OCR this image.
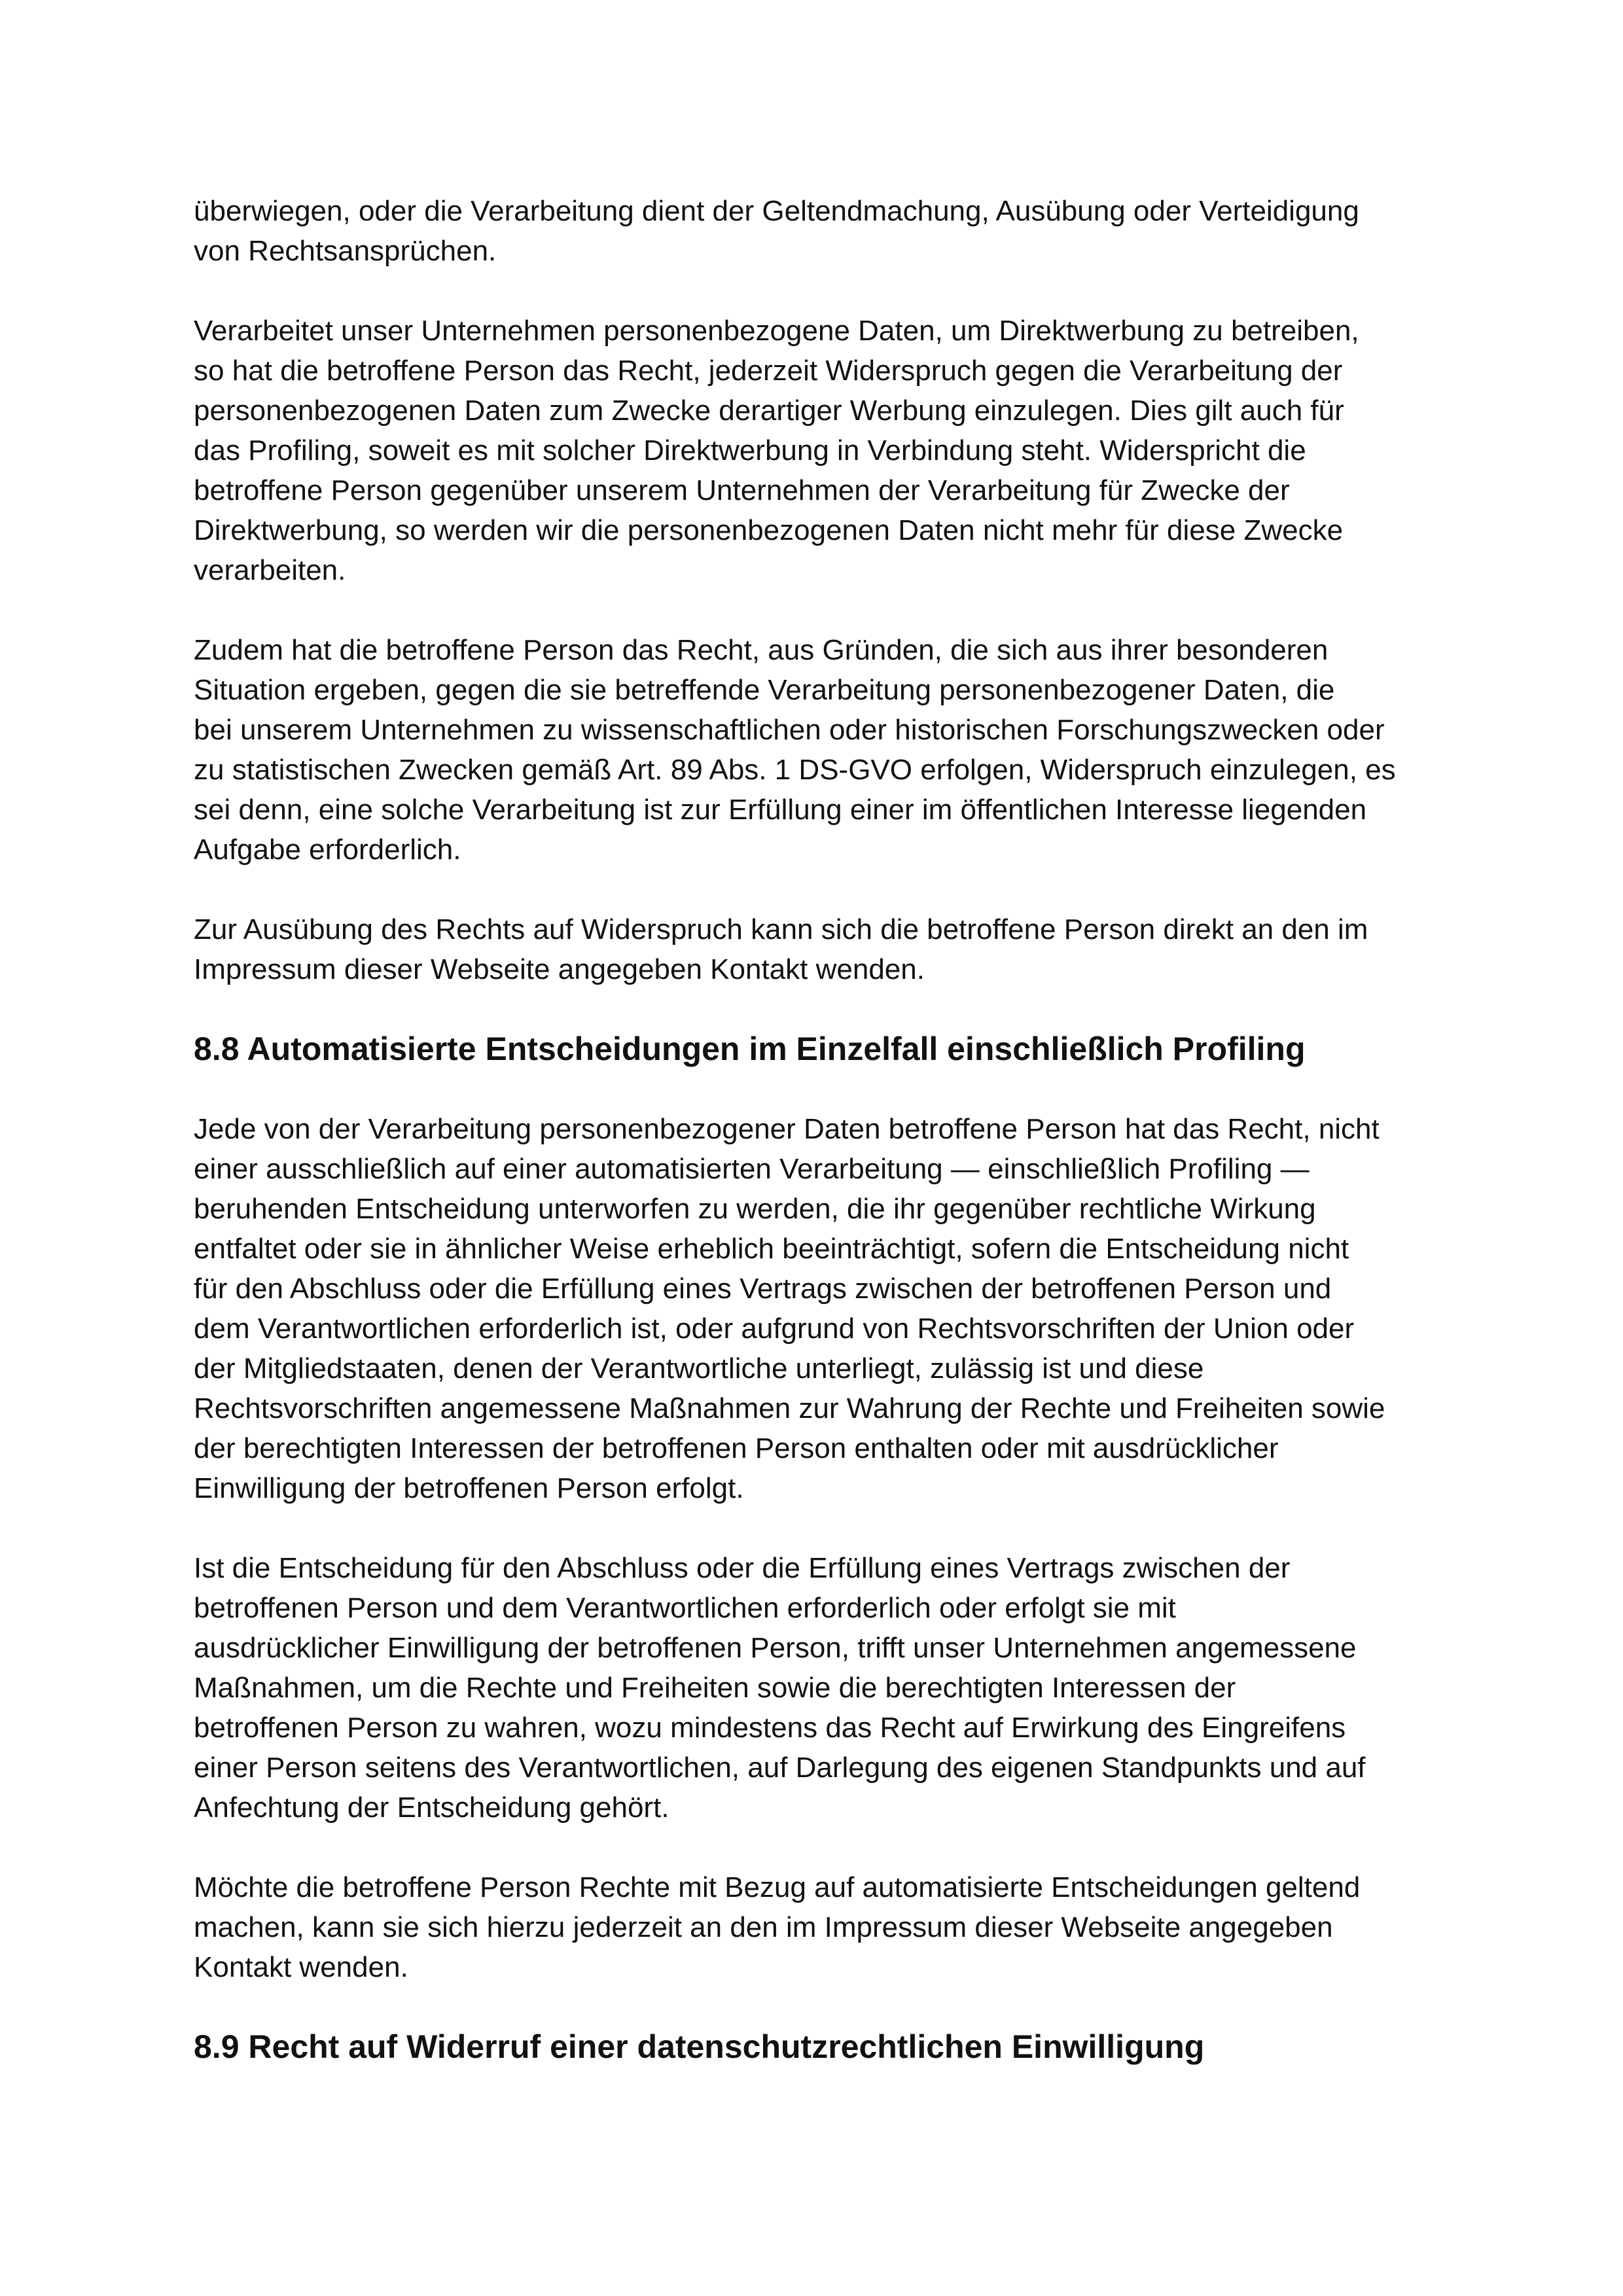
überwiegen, oder die Verarbeitung dient der Geltendmachung, Ausübung oder Verteidigung
von Rechtsansprüchen.

Verarbeitet unser Unternehmen personenbezogene Daten, um Direktwerbung zu betreiben,
so hat die betroffene Person das Recht, jederzeit Widerspruch gegen die Verarbeitung der
personenbezogenen Daten zum Zwecke derartiger Werbung einzulegen. Dies gilt auch für
das Profiling, soweit es mit solcher Direktwerbung in Verbindung steht. Widerspricht die
betroffene Person gegenüber unserem Unternehmen der Verarbeitung für Zwecke der
Direktwerbung, so werden wir die personenbezogenen Daten nicht mehr für diese Zwecke
verarbeiten.

Zudem hat die betroffene Person das Recht, aus Gründen, die sich aus ihrer besonderen
Situation ergeben, gegen die sie betreffende Verarbeitung personenbezogener Daten, die
bei unserem Unternehmen zu wissenschaftlichen oder historischen Forschungszwecken oder
zu statistischen Zwecken gemäß Art. 89 Abs. 1 DS-GVO erfolgen, Widerspruch einzulegen, es
sei denn, eine solche Verarbeitung ist zur Erfüllung einer im öffentlichen Interesse liegenden
Aufgabe erforderlich.

Zur Ausübung des Rechts auf Widerspruch kann sich die betroffene Person direkt an den im
Impressum dieser Webseite angegeben Kontakt wenden.

8.8 Automatisierte Entscheidungen im Einzelfall einschließlich Profiling

Jede von der Verarbeitung personenbezogener Daten betroffene Person hat das Recht, nicht
einer ausschließlich auf einer automatisierten Verarbeitung — einschließlich Profiling —
beruhenden Entscheidung unterworfen zu werden, die ihr gegenüber rechtliche Wirkung
entfaltet oder sie in ähnlicher Weise erheblich beeinträchtigt, sofern die Entscheidung nicht
für den Abschluss oder die Erfüllung eines Vertrags zwischen der betroffenen Person und
dem Verantwortlichen erforderlich ist, oder aufgrund von Rechtsvorschriften der Union oder
der Mitgliedstaaten, denen der Verantwortliche unterliegt, zulässig ist und diese
Rechtsvorschriften angemessene Maßnahmen zur Wahrung der Rechte und Freiheiten sowie
der berechtigten Interessen der betroffenen Person enthalten oder mit ausdrücklicher
Einwilligung der betroffenen Person erfolgt.

Ist die Entscheidung für den Abschluss oder die Erfüllung eines Vertrags zwischen der
betroffenen Person und dem Verantwortlichen erforderlich oder erfolgt sie mit
ausdrücklicher Einwilligung der betroffenen Person, trifft unser Unternehmen angemessene
Maßnahmen, um die Rechte und Freiheiten sowie die berechtigten Interessen der
betroffenen Person zu wahren, wozu mindestens das Recht auf Erwirkung des Eingreifens
einer Person seitens des Verantwortlichen, auf Darlegung des eigenen Standpunkts und auf
Anfechtung der Entscheidung gehört.

Möchte die betroffene Person Rechte mit Bezug auf automatisierte Entscheidungen geltend
machen, kann sie sich hierzu jederzeit an den im Impressum dieser Webseite angegeben
Kontakt wenden.

8.9 Recht auf Widerruf einer datenschutzrechtlichen Einwilligung
